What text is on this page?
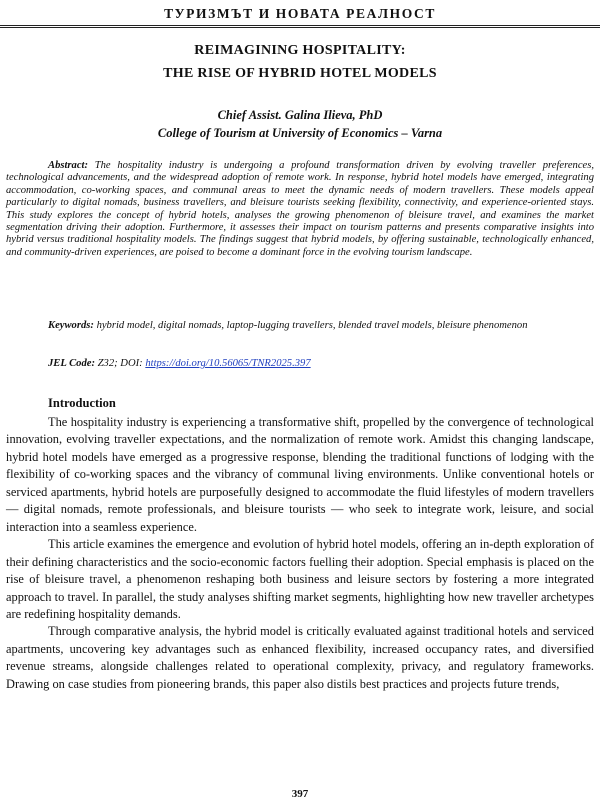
ТУРИЗМЪТ И НОВАТА РЕАЛНОСТ
REIMAGINING HOSPITALITY:
THE RISE OF HYBRID HOTEL MODELS
Chief Assist. Galina Ilieva, PhD
College of Tourism at University of Economics – Varna

Abstract: The hospitality industry is undergoing a profound transformation driven by evolving traveller preferences, technological advancements, and the widespread adoption of remote work. In response, hybrid hotel models have emerged, integrating accommodation, co-working spaces, and communal areas to meet the dynamic needs of modern travellers. These models appeal particularly to digital nomads, business travellers, and bleisure tourists seeking flexibility, connectivity, and experience-oriented stays. This study explores the concept of hybrid hotels, analyses the growing phenomenon of bleisure travel, and examines the market segmentation driving their adoption. Furthermore, it assesses their impact on tourism patterns and presents comparative insights into hybrid versus traditional hospitality models. The findings suggest that hybrid models, by offering sustainable, technologically enhanced, and community-driven experiences, are poised to become a dominant force in the evolving tourism landscape.

Keywords: hybrid model, digital nomads, laptop-lugging travellers, blended travel models, bleisure phenomenon

JEL Code: Z32; DOI: https://doi.org/10.56065/TNR2025.397

Introduction

The hospitality industry is experiencing a transformative shift, propelled by the convergence of technological innovation, evolving traveller expectations, and the normalization of remote work. Amidst this changing landscape, hybrid hotel models have emerged as a progressive response, blending the traditional functions of lodging with the flexibility of co-working spaces and the vibrancy of communal living environments. Unlike conventional hotels or serviced apartments, hybrid hotels are purposefully designed to accommodate the fluid lifestyles of modern travellers — digital nomads, remote professionals, and bleisure tourists — who seek to integrate work, leisure, and social interaction into a seamless experience.

This article examines the emergence and evolution of hybrid hotel models, offering an in-depth exploration of their defining characteristics and the socio-economic factors fuelling their adoption. Special emphasis is placed on the rise of bleisure travel, a phenomenon reshaping both business and leisure sectors by fostering a more integrated approach to travel. In parallel, the study analyses shifting market segments, highlighting how new traveller archetypes are redefining hospitality demands.

Through comparative analysis, the hybrid model is critically evaluated against traditional hotels and serviced apartments, uncovering key advantages such as enhanced flexibility, increased occupancy rates, and diversified revenue streams, alongside challenges related to operational complexity, privacy, and regulatory frameworks. Drawing on case studies from pioneering brands, this paper also distils best practices and projects future trends,

397
